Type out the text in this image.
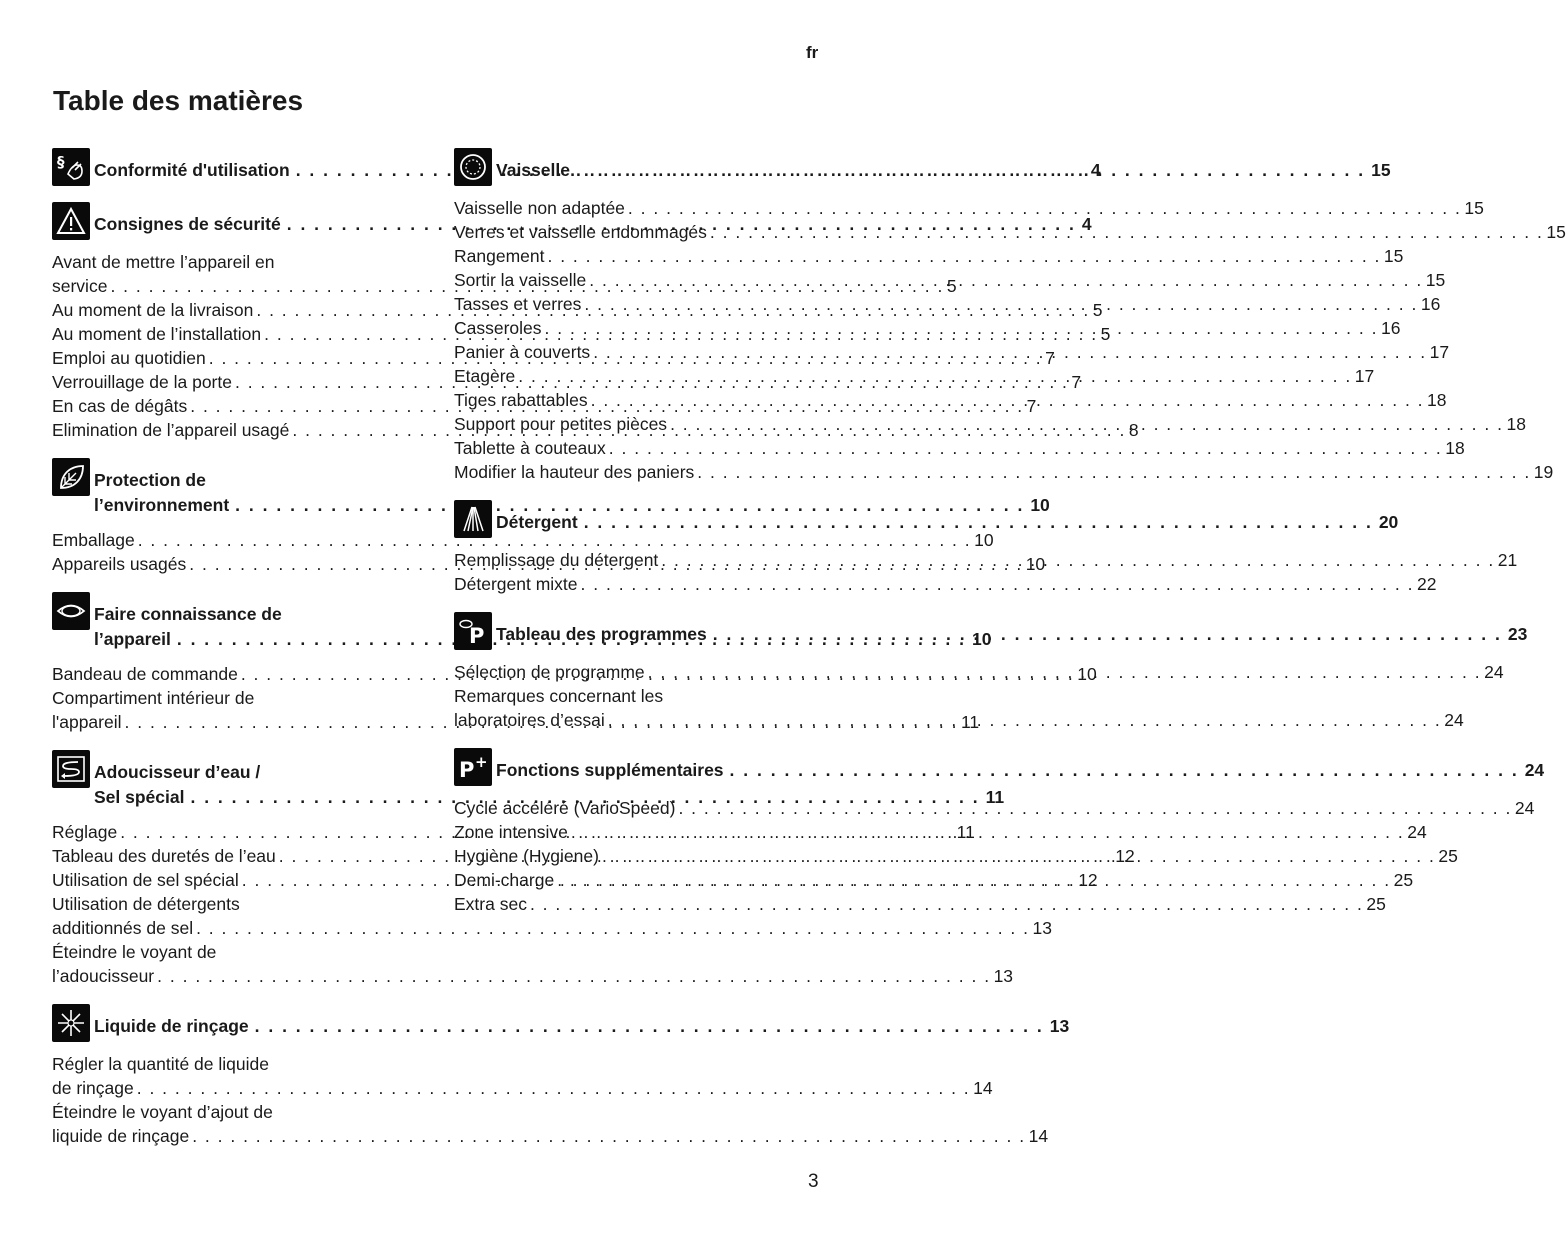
fr
Table des matières
§ Conformité d'utilisation . . .	4
Consignes de sécurité . . .	4
Avant de mettre l’appareil en
service . . .	5
Au moment de la livraison . . .	5
Au moment de l’installation . . .	5
Emploi au quotidien . . .	7
Verrouillage de la porte . . .	7
En cas de dégâts . . .	7
Elimination de l’appareil usagé . . .	8
Protection de
l’environnement . . .	10
Emballage . . .	10
Appareils usagés . . .	10
Faire connaissance de
l’appareil . . .	10
Bandeau de commande . . .	10
Compartiment intérieur de
l'appareil . . .	11
Adoucisseur d’eau /
Sel spécial . . .	11
Réglage . . .	11
Tableau des duretés de l’eau . . .	12
Utilisation de sel spécial . . .	12
Utilisation de détergents
additionnés de sel . . .	13
Éteindre le voyant de
l’adoucisseur . . .	13
Liquide de rinçage . . .	13
Régler la quantité de liquide
de rinçage . . .	14
Éteindre le voyant d’ajout de
liquide de rinçage . . .	14
Vaisselle . . .	15
Vaisselle non adaptée . . .	15
Verres et vaisselle endommagés . . .	15
Rangement . . .	15
Sortir la vaisselle . . .	15
Tasses et verres . . .	16
Casseroles . . .	16
Panier à couverts . . .	17
Etagère . . .	17
Tiges rabattables . . .	18
Support pour petites pièces . . .	18
Tablette à couteaux . . .	18
Modifier la hauteur des paniers . . .	19
Détergent . . .	20
Remplissage du détergent . . .	21
Détergent mixte . . .	22
P Tableau des programmes . . .	23
Sélection de programme . . .	24
Remarques concernant les
laboratoires d’essai . . .	24
P + Fonctions supplémentaires . . .	24
Cycle accéléré (VarioSpeed) . . .	24
Zone intensive . . .	24
Hygiène (Hygiene) . . .	25
Demi-charge . . .	25
Extra sec . . .	25
3
